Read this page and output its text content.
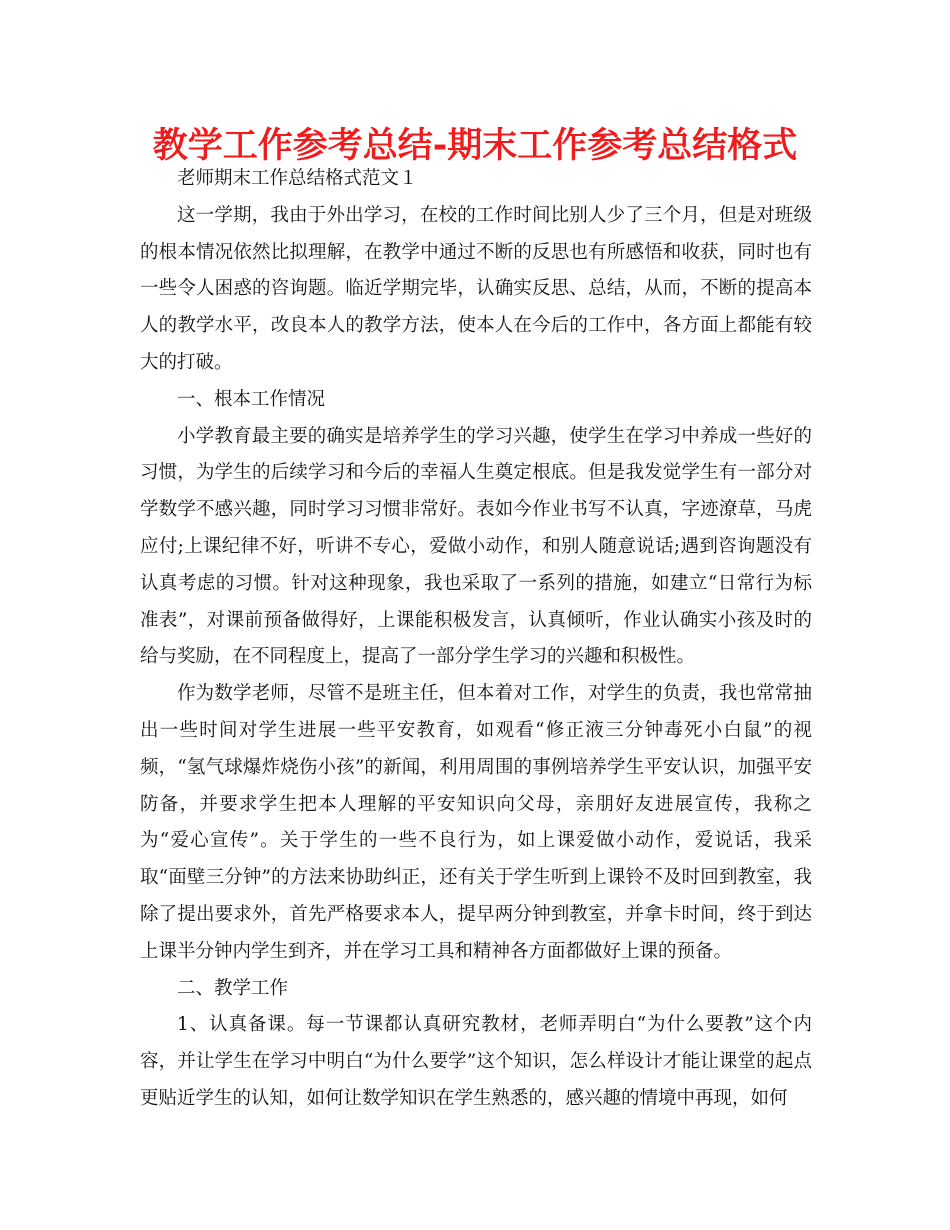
教学工作参考总结-期末工作参考总结格式

老师期末工作总结格式范文１

这一学期，我由于外出学习，在校的工作时间比别人少了三个月，但是对班级的根本情况依然比拟理解，在教学中通过不断的反思也有所感悟和收获，同时也有一些令人困惑的咨询题。临近学期完毕，认确实反思、总结，从而，不断的提高本人的教学水平，改良本人的教学方法，使本人在今后的工作中，各方面上都能有较大的打破。

一、根本工作情况

小学教育最主要的确实是培养学生的学习兴趣，使学生在学习中养成一些好的习惯，为学生的后续学习和今后的幸福人生奠定根底。但是我发觉学生有一部分对学数学不感兴趣，同时学习习惯非常好。表如今作业书写不认真，字迹潦草，马虎应付;上课纪律不好，听讲不专心，爱做小动作，和别人随意说话;遇到咨询题没有认真考虑的习惯。针对这种现象，我也采取了一系列的措施，如建立“日常行为标准表”，对课前预备做得好，上课能积极发言，认真倾听，作业认确实小孩及时的给与奖励，在不同程度上，提高了一部分学生学习的兴趣和积极性。

作为数学老师，尽管不是班主任，但本着对工作，对学生的负责，我也常常抽出一些时间对学生进展一些平安教育，如观看“修正液三分钟毒死小白鼠”的视频，“氢气球爆炸烧伤小孩”的新闻，利用周围的事例培养学生平安认识，加强平安防备，并要求学生把本人理解的平安知识向父母，亲朋好友进展宣传，我称之为“爱心宣传”。关于学生的一些不良行为，如上课爱做小动作，爱说话，我采取“面壁三分钟”的方法来协助纠正，还有关于学生听到上课铃不及时回到教室，我除了提出要求外，首先严格要求本人，提早两分钟到教室，并拿卡时间，终于到达上课半分钟内学生到齐，并在学习工具和精神各方面都做好上课的预备。

二、教学工作

1、认真备课。每一节课都认真研究教材，老师弄明白“为什么要教”这个内容，并让学生在学习中明白“为什么要学”这个知识，怎么样设计才能让课堂的起点更贴近学生的认知，如何让数学知识在学生熟悉的，感兴趣的情境中再现，如何
